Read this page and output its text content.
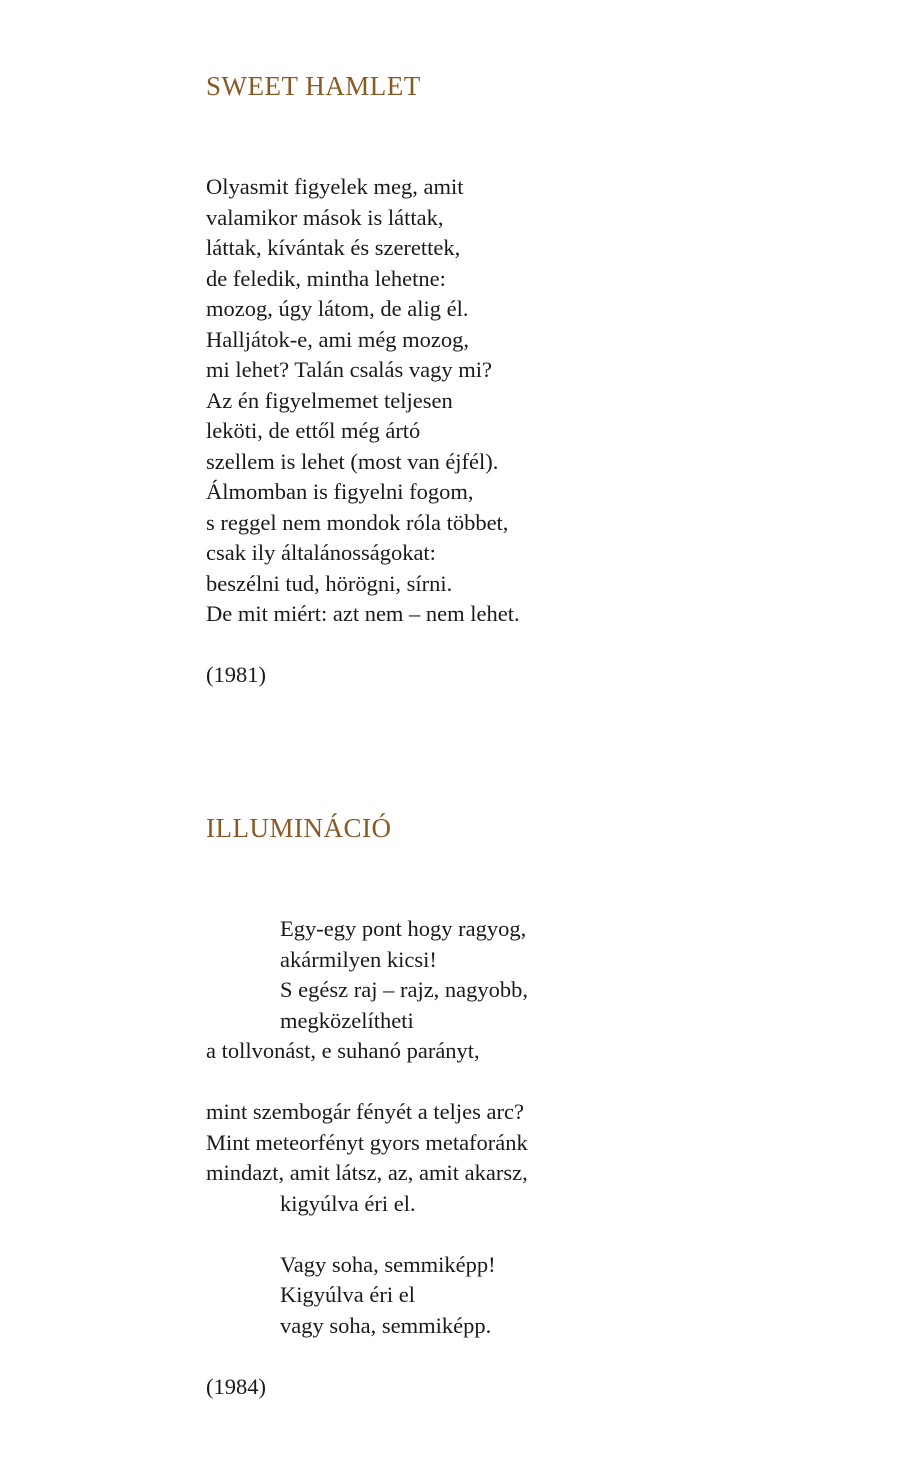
SWEET HAMLET
Olyasmit figyelek meg, amit
valamikor mások is láttak,
láttak, kívántak és szerettek,
de feledik, mintha lehetne:
mozog, úgy látom, de alig él.
Halljátok-e, ami még mozog,
mi lehet? Talán csalás vagy mi?
Az én figyelmemet teljesen
leköti, de ettől még ártó
szellem is lehet (most van éjfél).
Álmomban is figyelni fogom,
s reggel nem mondok róla többet,
csak ily általánosságokat:
beszélni tud, hörögni, sírni.
De mit miért: azt nem – nem lehet.

(1981)

ILLUMINÁCIÓ
Egy-egy pont hogy ragyog,
akármilyen kicsi!
S egész raj – rajz, nagyobb,
megközelítheti
a tollvonást, e suhanó parányt,
mint szembogár fényét a teljes arc?
Mint meteorfényt gyors metaforánk
mindazt, amit látsz, az, amit akarsz,
kigyúlva éri el.
Vagy soha, semmiképp!
Kigyúlva éri el
vagy soha, semmiképp.

(1984)
